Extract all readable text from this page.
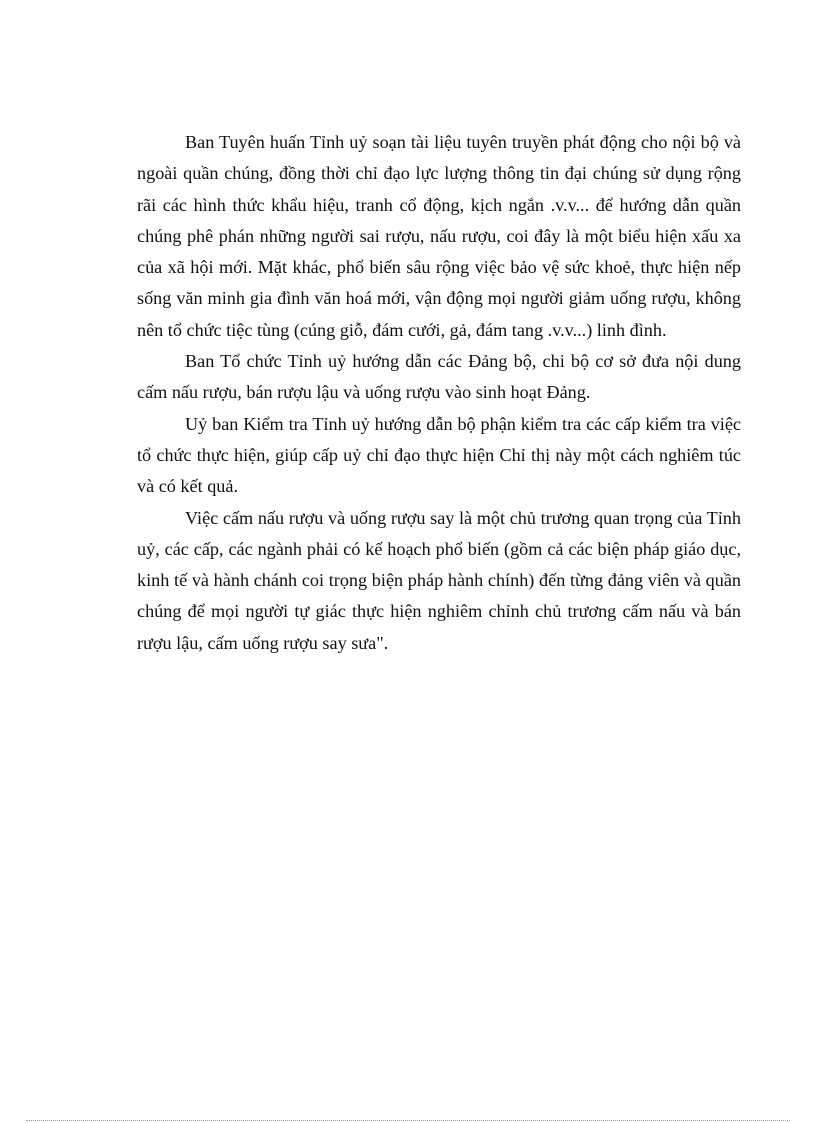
Ban Tuyên huấn Tỉnh uỷ soạn tài liệu tuyên truyền phát động cho nội bộ và ngoài quần chúng, đồng thời chỉ đạo lực lượng thông tin đại chúng sử dụng rộng rãi các hình thức khẩu hiệu, tranh cổ động, kịch ngắn .v.v... để hướng dẫn quần chúng phê phán những người sai rượu, nấu rượu, coi đây là một biểu hiện xấu xa của xã hội mới. Mặt khác, phổ biến sâu rộng việc bảo vệ sức khoẻ, thực hiện nếp sống văn minh gia đình văn hoá mới, vận động mọi người giảm uống rượu, không nên tổ chức tiệc tùng (cúng giỗ, đám cưới, gả, đám tang .v.v...) linh đình.

Ban Tổ chức Tỉnh uỷ hướng dẫn các Đảng bộ, chi bộ cơ sở đưa nội dung cấm nấu rượu, bán rượu lậu và uống rượu vào sinh hoạt Đảng.

Uỷ ban Kiểm tra Tỉnh uỷ hướng dẫn bộ phận kiểm tra các cấp kiểm tra việc tổ chức thực hiện, giúp cấp uỷ chỉ đạo thực hiện Chỉ thị này một cách nghiêm túc và có kết quả.

Việc cấm nấu rượu và uống rượu say là một chủ trương quan trọng của Tỉnh uỷ, các cấp, các ngành phải có kế hoạch phổ biến (gồm cả các biện pháp giáo dục, kinh tế và hành chánh coi trọng biện pháp hành chính) đến từng đảng viên và quần chúng để mọi người tự giác thực hiện nghiêm chỉnh chủ trương cấm nấu và bán rượu lậu, cấm uống rượu say sưa".
